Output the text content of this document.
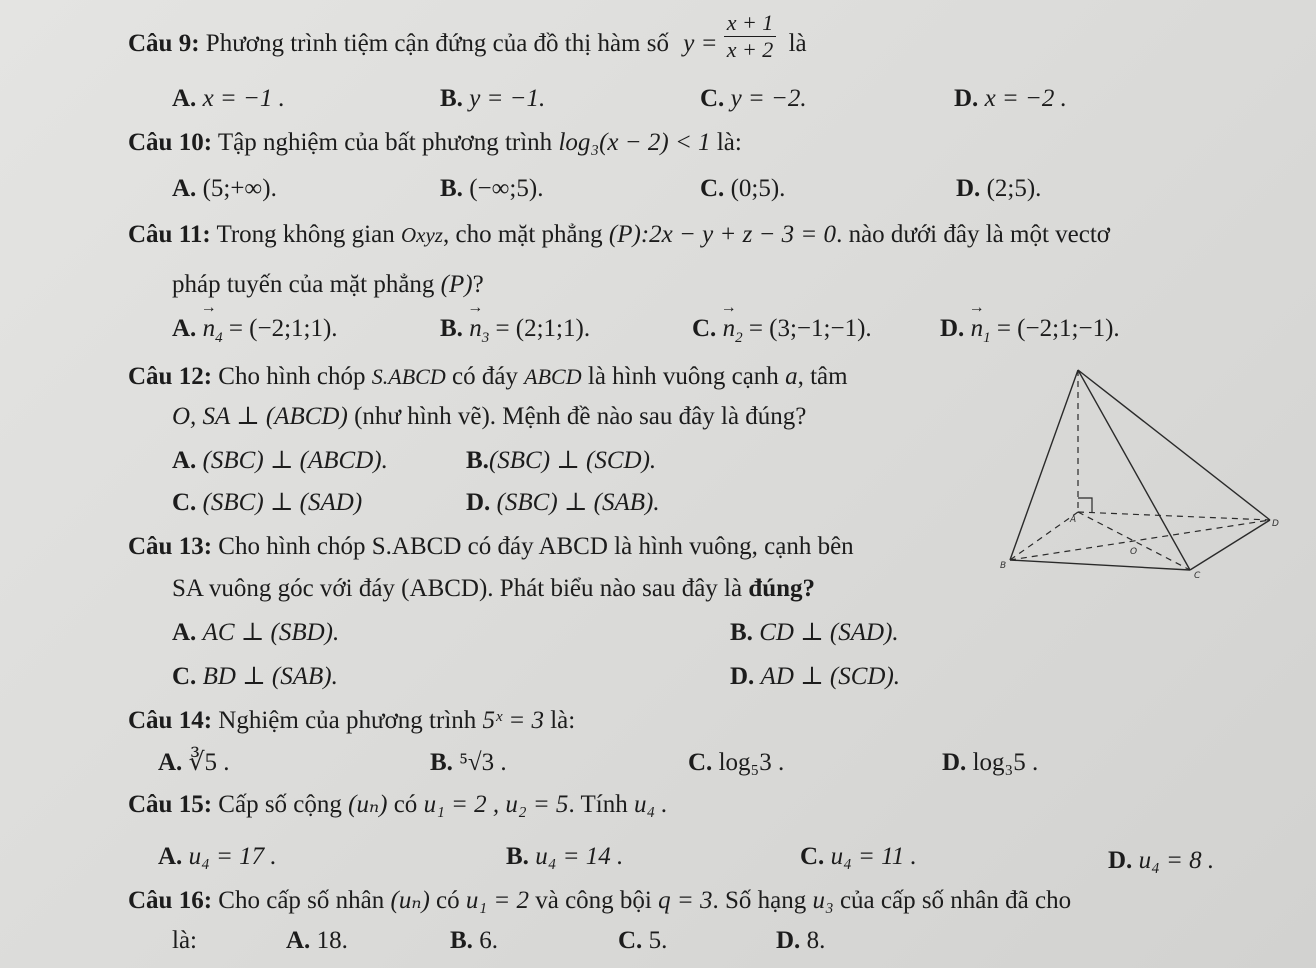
Câu 9: Phương trình tiệm cận đứng của đồ thị hàm số $y = \frac{x + 1}{x + 2}$ là
A. x = −1 .	B. y = −1.	C. y = −2.	D. x = −2 .
Câu 10: Tập nghiệm của bất phương trình log₃(x − 2) < 1 là:
A. (5;+∞).	B. (−∞;5).	C. (0;5).	D. (2;5).
Câu 11: Trong không gian Oxyz, cho mặt phẳng (P):2x − y + z − 3 = 0. nào dưới đây là một vectơ
pháp tuyến của mặt phẳng (P)?
A. → $n_4$ = (−2;1;1).	B. → $n_3$ = (2;1;1).	C. → $n_2$ = (3;−1;−1).	D. → $n_1$ = (−2;1;−1).
Câu 12: Cho hình chóp S.ABCD có đáy ABCD là hình vuông cạnh a, tâm
O, SA ⊥ (ABCD) (như hình vẽ). Mệnh đề nào sau đây là đúng?
A. (SBC) ⊥ (ABCD).	B.(SBC) ⊥ (SCD).
C. (SBC) ⊥ (SAD)	D. (SBC) ⊥ (SAB).
A
B
C
D
O
Câu 13: Cho hình chóp S.ABCD có đáy ABCD là hình vuông, cạnh bên
SA vuông góc với đáy (ABCD). Phát biểu nào sau đây là đúng?
A. AC ⊥ (SBD).	B. CD ⊥ (SAD).
C. BD ⊥ (SAB).	D. AD ⊥ (SCD).
Câu 14: Nghiệm của phương trình 5ˣ = 3 là:
A. ∛5 .	B. ⁵√3 .	C. log₅3 .	D. log₃5 .
Câu 15: Cấp số cộng (uₙ) có u₁ = 2 , u₂ = 5. Tính u₄ .
A. u₄ = 17 .	B. u₄ = 14 .	C. u₄ = 11 .	D. u₄ = 8 .
Câu 16: Cho cấp số nhân (uₙ) có u₁ = 2 và công bội q = 3. Số hạng u₃ của cấp số nhân đã cho
là:	A. 18.	B. 6.	C. 5.	D. 8.
